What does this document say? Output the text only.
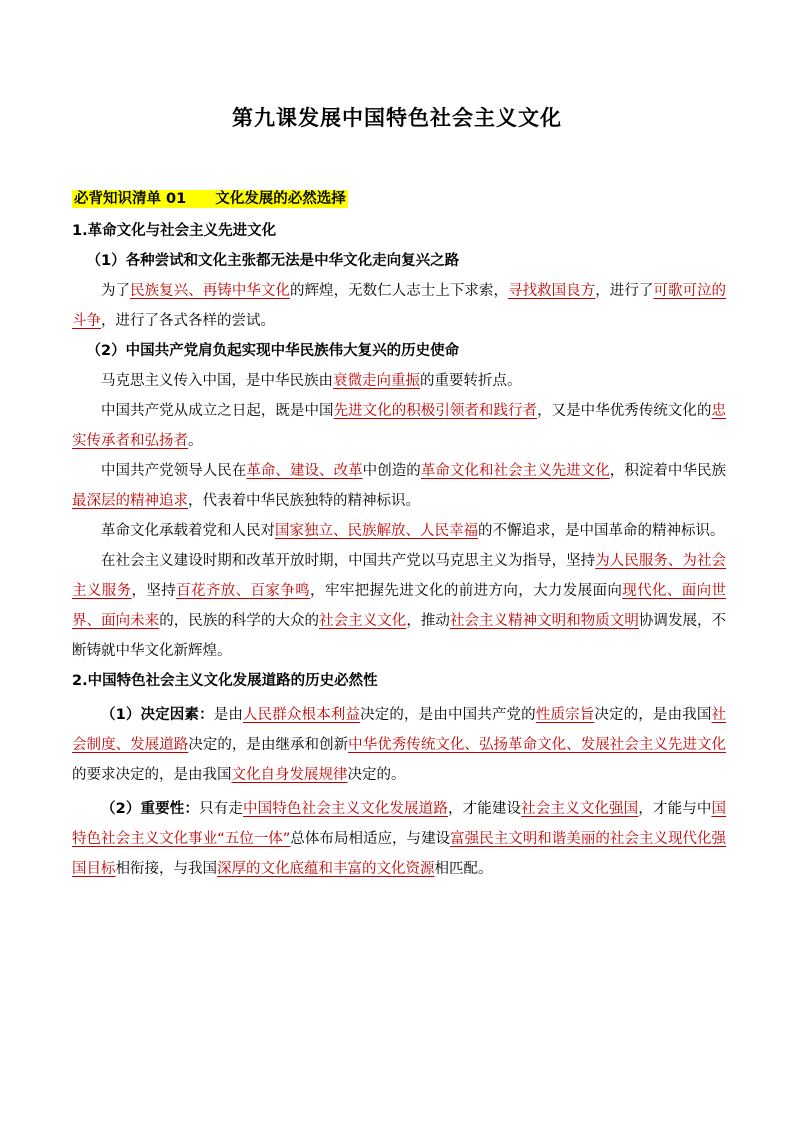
第九课发展中国特色社会主义文化

必背知识清单 01　　文化发展的必然选择

1.革命文化与社会主义先进文化

（1）各种尝试和文化主张都无法是中华文化走向复兴之路

为了民族复兴、再铸中华文化的辉煌，无数仁人志士上下求索，寻找救国良方，进行了可歌可泣的斗争，进行了各式各样的尝试。

（2）中国共产党肩负起实现中华民族伟大复兴的历史使命

马克思主义传入中国，是中华民族由衰微走向重振的重要转折点。

中国共产党从成立之日起，既是中国先进文化的积极引领者和践行者，又是中华优秀传统文化的忠实传承者和弘扬者。

中国共产党领导人民在革命、建设、改革中创造的革命文化和社会主义先进文化，积淀着中华民族最深层的精神追求，代表着中华民族独特的精神标识。

革命文化承载着党和人民对国家独立、民族解放、人民幸福的不懈追求，是中国革命的精神标识。

在社会主义建设时期和改革开放时期，中国共产党以马克思主义为指导，坚持为人民服务、为社会主义服务，坚持百花齐放、百家争鸣，牢牢把握先进文化的前进方向，大力发展面向现代化、面向世界、面向未来的，民族的科学的大众的社会主义文化，推动社会主义精神文明和物质文明协调发展，不断铸就中华文化新辉煌。

2.中国特色社会主义文化发展道路的历史必然性

（1）决定因素：是由人民群众根本利益决定的，是由中国共产党的性质宗旨决定的，是由我国社会制度、发展道路决定的，是由继承和创新中华优秀传统文化、弘扬革命文化、发展社会主义先进文化的要求决定的，是由我国文化自身发展规律决定的。

（2）重要性：只有走中国特色社会主义文化发展道路，才能建设社会主义文化强国，才能与中国特色社会主义文化事业“五位一体”总体布局相适应，与建设富强民主文明和谐美丽的社会主义现代化强国目标相衔接，与我国深厚的文化底蕴和丰富的文化资源相匹配。
